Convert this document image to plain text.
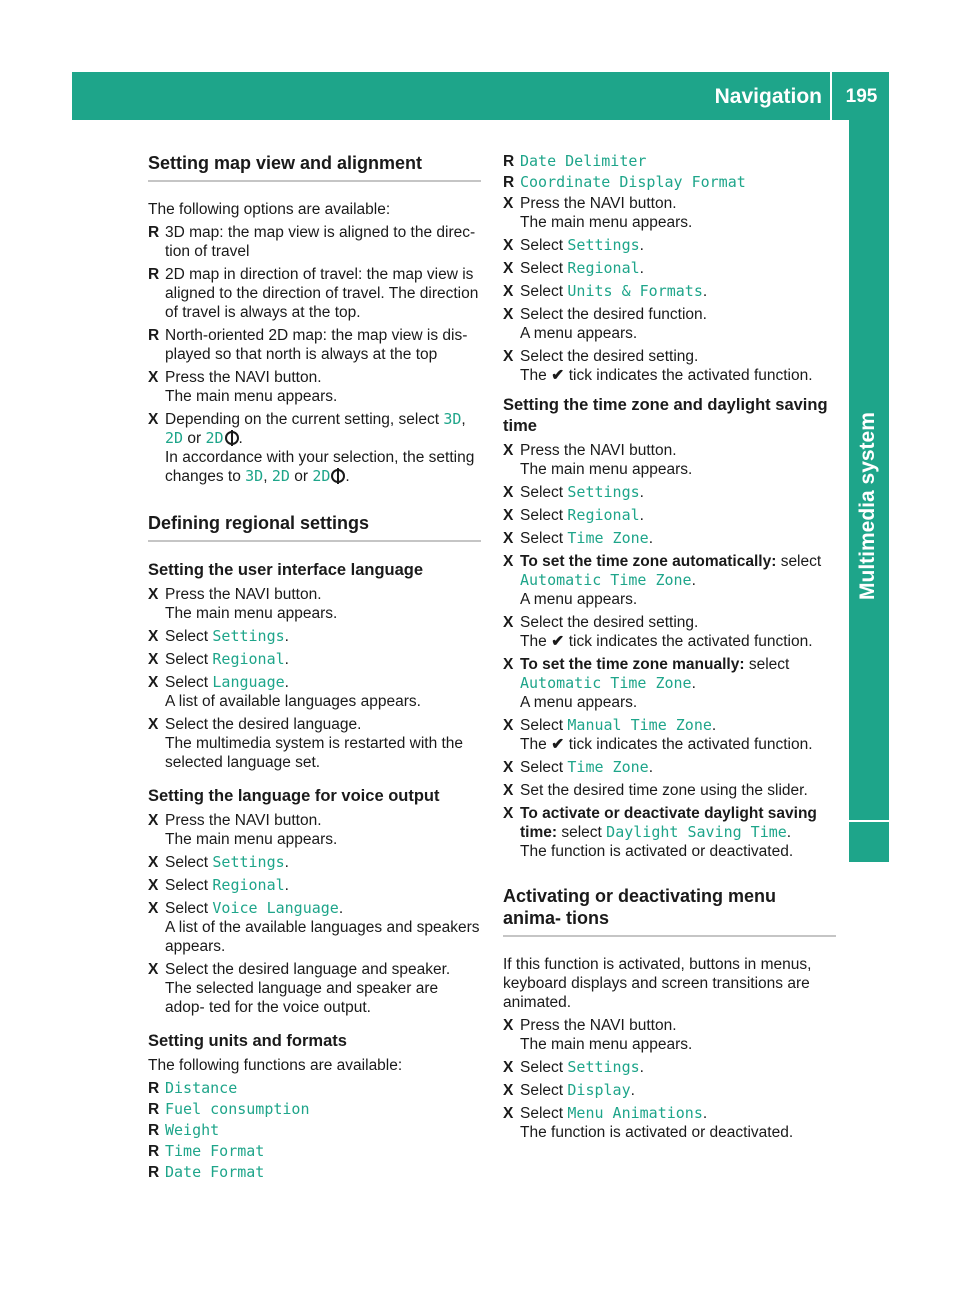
Navigation	195
Multimedia system
Setting map view and alignment
The following options are available:
R 3D map: the map view is aligned to the direc- tion of travel
R 2D map in direction of travel: the map view is aligned to the direction of travel. The direction of travel is always at the top.
R North-oriented 2D map: the map view is dis- played so that north is always at the top
X Press the NAVI button.
The main menu appears.
X Depending on the current setting, select 3D, 2D or 2D .
In accordance with your selection, the setting changes to 3D, 2D or 2D .
Defining regional settings
Setting the user interface language
X Press the NAVI button.
The main menu appears.
X Select Settings.
X Select Regional.
X Select Language.
A list of available languages appears.
X Select the desired language.
The multimedia system is restarted with the selected language set.
Setting the language for voice output
X Press the NAVI button.
The main menu appears.
X Select Settings.
X Select Regional.
X Select Voice Language.
A list of the available languages and speakers appears.
X Select the desired language and speaker.
The selected language and speaker are adop- ted for the voice output.
Setting units and formats
The following functions are available:
R Distance
R Fuel consumption
R Weight
R Time Format
R Date Format
R Date Delimiter
R Coordinate Display Format
X Press the NAVI button.
The main menu appears.
X Select Settings.
X Select Regional.
X Select Units & Formats.
X Select the desired function.
A menu appears.
X Select the desired setting.
The ✔ tick indicates the activated function.
Setting the time zone and daylight saving time
X Press the NAVI button.
The main menu appears.
X Select Settings.
X Select Regional.
X Select Time Zone.
X To set the time zone automatically: select
Automatic Time Zone.
A menu appears.
X Select the desired setting.
The ✔ tick indicates the activated function.
X To set the time zone manually: select
Automatic Time Zone.
A menu appears.
X Select Manual Time Zone.
The ✔ tick indicates the activated function.
X Select Time Zone.
X Set the desired time zone using the slider.
X To activate or deactivate daylight saving time: select Daylight Saving Time.
The function is activated or deactivated.
Activating or deactivating menu anima- tions
If this function is activated, buttons in menus, keyboard displays and screen transitions are animated.
X Press the NAVI button.
The main menu appears.
X Select Settings.
X Select Display.
X Select Menu Animations.
The function is activated or deactivated.
